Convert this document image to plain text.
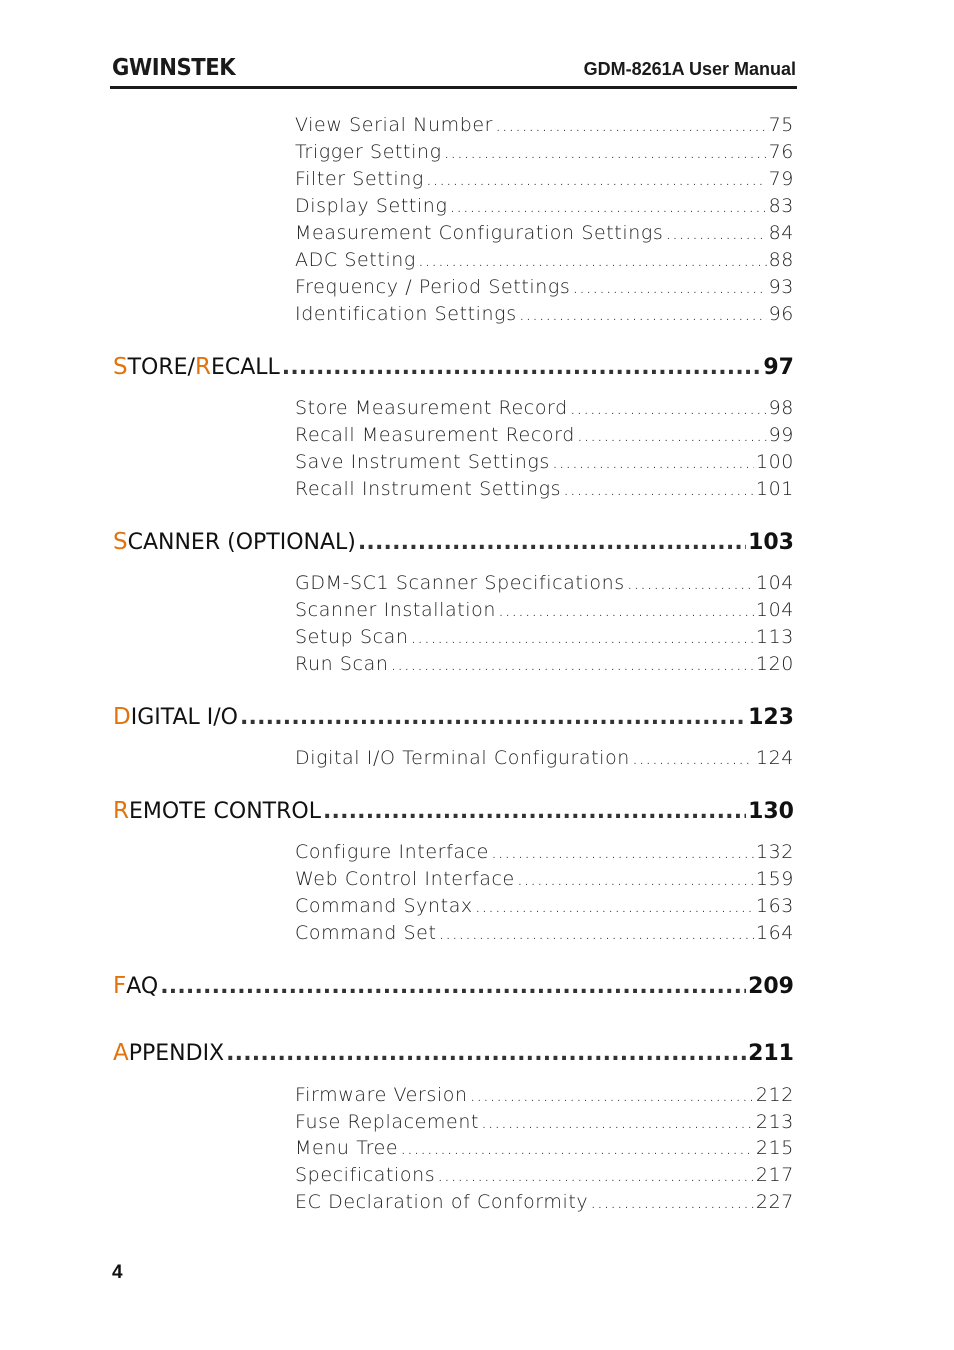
GWINSTEK	GDM-8261A User Manual
View Serial Number .....	75
Trigger Setting .....	76
Filter Setting .....	79
Display Setting .....	83
Measurement Configuration Settings .....	84
ADC Setting .....	88
Frequency / Period Settings .....	93
Identification Settings .....	96
STORE/RECALL .....	97
Store Measurement Record .....	98
Recall Measurement Record .....	99
Save Instrument Settings .....	100
Recall Instrument Settings .....	101
SCANNER (OPTIONAL) .....	103
GDM-SC1 Scanner Specifications .....	104
Scanner Installation .....	104
Setup Scan .....	113
Run Scan .....	120
DIGITAL I/O .....	123
Digital I/O Terminal Configuration .....	124
REMOTE CONTROL .....	130
Configure Interface .....	132
Web Control Interface .....	159
Command Syntax .....	163
Command Set .....	164
FAQ .....	209
APPENDIX .....	211
Firmware Version .....	212
Fuse Replacement .....	213
Menu Tree .....	215
Specifications .....	217
EC Declaration of Conformity .....	227
4
